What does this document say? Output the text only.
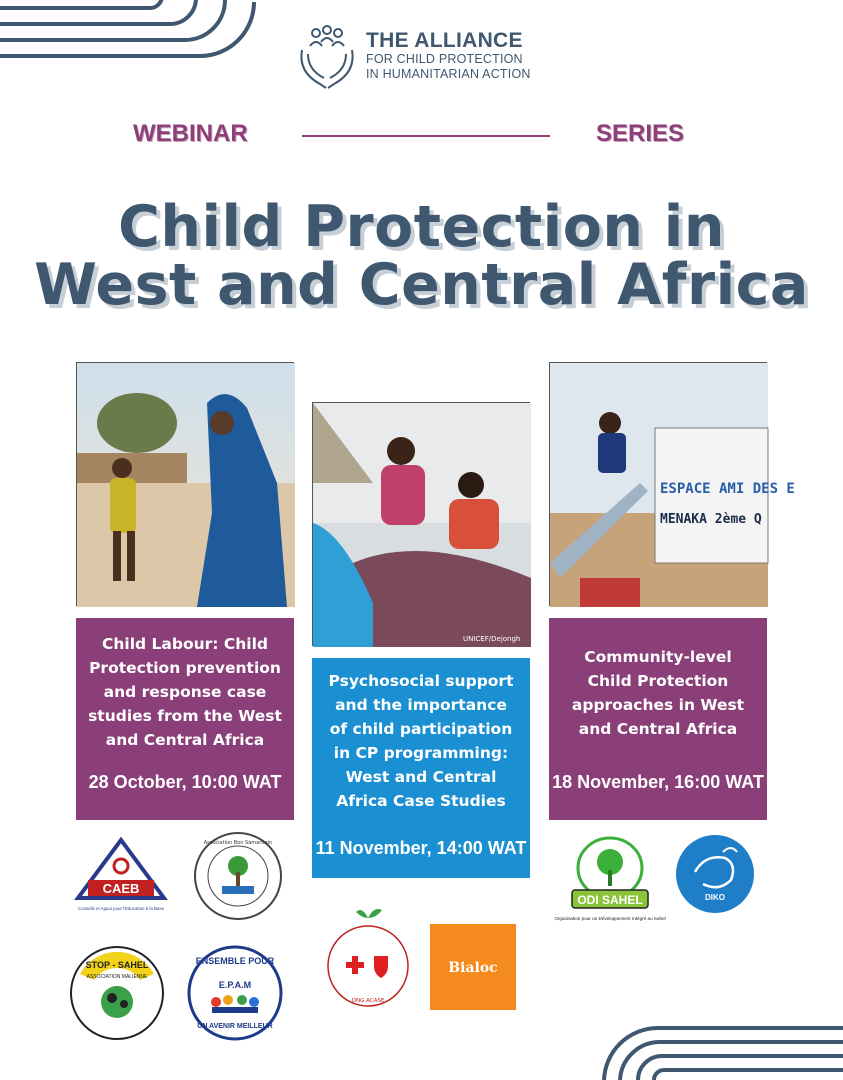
THE ALLIANCE
FOR CHILD PROTECTION
IN HUMANITARIAN ACTION
WEBINAR	SERIES
Child Protection in
West and Central Africa
UNICEF/Dejongh
ESPACE AMI DES E
MENAKA 2ème Q
Child Labour: Child
Protection prevention
and response case
studies from the West
and Central Africa
28 October, 10:00 WAT
Psychosocial support
and the importance
of child participation
in CP programming:
West and Central
Africa Case Studies
11 November, 14:00 WAT
Community-level
Child Protection
approaches in West
and Central Africa
18 November, 16:00 WAT
CAEB
Conseils et Appui pour l'Education à la Base
Association Bon Samaritain
STOP - SAHEL
ASSOCIATION MALIENNE
ENSEMBLE POUR
E.P.A.M
UN AVENIR MEILLEUR
ONG ACASE
Bialoc
ODI SAHEL
Organisation pour un Développement Intégré au Sahel
DIKO
